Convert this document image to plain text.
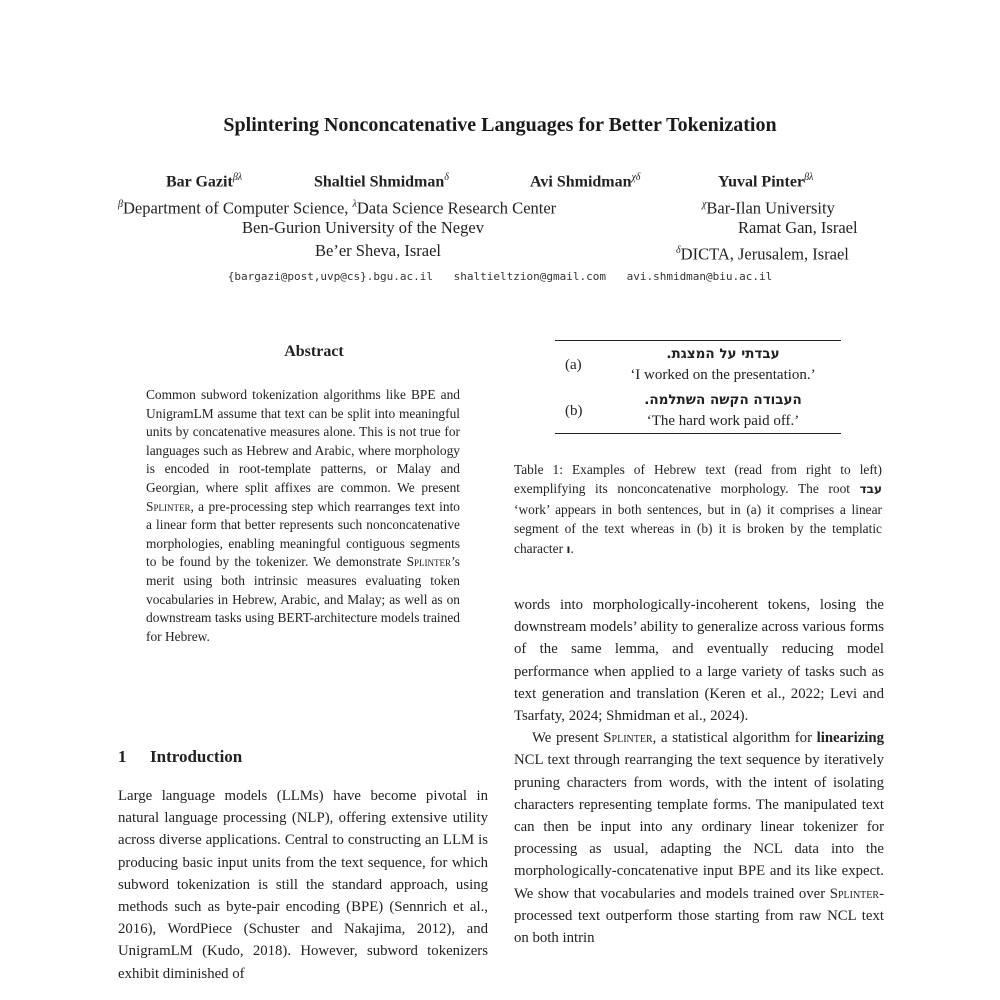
Splintering Nonconcatenative Languages for Better Tokenization
Bar Gazit$^{\beta\lambda}$	Shaltiel Shmidman$^\delta$	Avi Shmidman$^{\chi\delta}$	Yuval Pinter$^{\beta\lambda}$
$^\beta$Department of Computer Science, $^\lambda$Data Science Research Center
Ben-Gurion University of the Negev
Be’er Sheva, Israel
$^\chi$Bar-Ilan University
Ramat Gan, Israel
$^\delta$DICTA, Jerusalem, Israel
{bargazi@post,uvp@cs}.bgu.ac.il shaltieltzion@gmail.com avi.shmidman@biu.ac.il
Abstract
Common subword tokenization algorithms like BPE and UnigramLM assume that text can be split into meaningful units by concatenative measures alone. This is not true for languages such as Hebrew and Arabic, where morphology is encoded in root-template patterns, or Malay and Georgian, where split affixes are common. We present Splinter, a pre-processing step which rearranges text into a linear form that better represents such nonconcatenative morphologies, enabling meaningful contiguous segments to be found by the tokenizer. We demonstrate Splinter’s merit using both intrinsic measures evaluating token vocabularies in Hebrew, Arabic, and Malay; as well as on downstream tasks using BERT-architecture models trained for Hebrew.
1 Introduction
Large language models (LLMs) have become pivotal in natural language processing (NLP), offering extensive utility across diverse applications. Central to constructing an LLM is producing basic input units from the text sequence, for which subword tokenization is still the standard approach, using methods such as byte-pair encoding (BPE) (Sennrich et al., 2016), WordPiece (Schuster and Nakajima, 2012), and UnigramLM (Kudo, 2018). However, subword tokenizers exhibit diminished of
(a)
עבדתי על המצגת.
‘I worked on the presentation.’
(b)
העבודה הקשה השתלמה.
‘The hard work paid off.’
Table 1: Examples of Hebrew text (read from right to left) exemplifying its nonconcatenative morphology. The root עבד ‘work’ appears in both sentences, but in (a) it comprises a linear segment of the text whereas in (b) it is broken by the templatic character ו.

words into morphologically-incoherent tokens, losing the downstream models’ ability to generalize across various forms of the same lemma, and eventually reducing model performance when applied to a large variety of tasks such as text generation and translation (Keren et al., 2022; Levi and Tsarfaty, 2024; Shmidman et al., 2024).

We present Splinter, a statistical algorithm for linearizing NCL text through rearranging the text sequence by iteratively pruning characters from words, with the intent of isolating characters representing template forms. The manipulated text can then be input into any ordinary linear tokenizer for processing as usual, adapting the NCL data into the morphologically-concatenative input BPE and its like expect. We show that vocabularies and models trained over Splinter-processed text outperform those starting from raw NCL text on both intrin
